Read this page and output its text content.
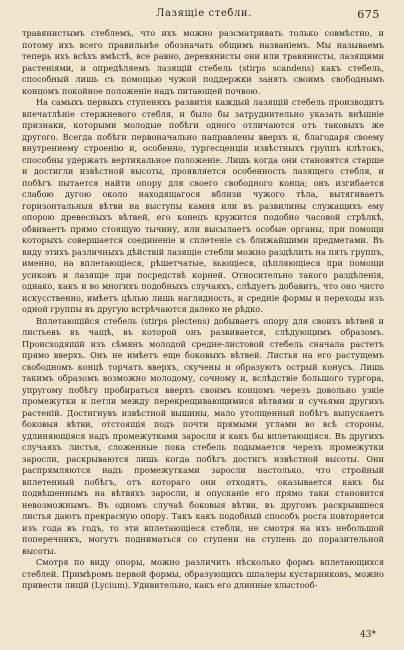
Лазящіе стебли.	675

травянистымъ стеблемъ, что ихъ можно разсматривать только совмѣстно, и потому ихъ всего правильнѣе обозначать общимъ названіемъ. Мы называемъ теперь ихъ всѣхъ вмѣстѣ, все равно, деревянисты они или травянисты, лазящими растеніями, и опредѣляемъ лазящій стебель (stirps scandens) какъ стебель, способный лишь съ помощью чужой поддержки занять своимъ свободнымъ концомъ покойное положеніе надъ питающей почвою.

На самыхъ первыхъ ступеняхъ развитія каждый лазящій стебель производитъ впечатлѣніе стержневого стебля, и было бы затруднительно указать внѣшніе признаки, которыми молодые побѣги одного отличаются отъ таковыхъ же другого. Всегда побѣги первоначально направлены вверхъ и, благодаря своему внутреннему строенію и, особенно, тургесценціи извѣстныхъ группъ клѣтокъ, способны удержать вертикальное положеніе. Лишь когда они становятся старше и достигли извѣстной высоты, проявляется особенность лазящего стебля, и побѣгъ пытается найти опору для своего свободного конца; онъ изгибается слабою дугою около находящагося вблизи чужого тѣла, вытягиваетъ горизонтальныя вѣтви на выступы камня или въ развилины служащихъ ему опорою древесныхъ вѣтвей, его конецъ кружится подобно часовой стрѣлкѣ, обвиваетъ прямо стоящую тычину, или высылаетъ особые органы, при помощи которыхъ совершается соединеніе и сплетеніе съ ближайшими предметами. Въ виду этихъ различныхъ дѣйствій лазящіе стебли можно раздѣлить на пять группъ, именно, на вплетающіеся, рѣшетчатые, вьющіеся, цѣпляющіеся при помощи усиковъ и лазящіе при посредствѣ корней. Относительно такого раздѣленія, однако, какъ и во многихъ подобныхъ случаяхъ, слѣдуетъ добавить, что оно чисто искусственно, имѣетъ цѣлью лишь наглядность, и средніе формы и переходы изъ одной группы въ другую встрѣчаются далеко не рѣдко.

Вплетающійся стебель (stirps plectens) добываетъ опору для своихъ вѣтвей и листьевъ въ чащѣ, въ которой онъ развивается, слѣдующимъ образомъ. Происходящій изъ сѣмянъ молодой средне-листовой стебель сначала растетъ прямо вверхъ. Онъ не имѣетъ еще боковыхъ вѣтвей. Листья на его растущемъ свободномъ концѣ торчатъ вверхъ, скучены и образуютъ острый конусъ. Лишь такимъ образомъ возможно молодому, сочному и, вслѣдствіе большого тургора, упругому побѣгу пробираться вверхъ своимъ концомъ черезъ довольно узкіе промежутки и петли между перекрещивающимися вѣтвями и сучьями другихъ растеній. Достигнувъ извѣстной вышины, мало утолщенный побѣгъ выпускаетъ боковыя вѣтви, отстоящія подъ почти прямыми углами во всѣ стороны, удлиняющіяся надъ промежутками заросли и какъ бы вплетающіяся. Въ другихъ случаяхъ листья, сложенные пока стебель подымается черезъ промежутки заросли, раскрываются лишь когда побѣгъ достигъ извѣстной высоты. Они распрямляются надъ промежутками заросли настолько, что стройный вплетенный побѣгъ, отъ котораго они отходятъ, оказывается какъ бы подвѣшеннымъ на вѣтвяхъ заросли, и опусканіе его прямо таки становится невозможнымъ. Въ одномъ случаѣ боковыя вѣтви, въ другомъ раскрывшіеся листья даютъ прекрасную опору. Такъ какъ подобный способъ роста повторяется изъ года въ годъ, то эти вплетающіеся стебли, не смотря на ихъ небольшой поперечникъ, могутъ подниматься со ступени на ступень до поразительной высоты.

Смотря по виду опоры, можно различить нѣсколько формъ вплетающихся стеблей. Примѣромъ первой формы, образующихъ шпалеры кустарниковъ, можно привести лицій (Lycium). Удивительно, какъ его длинные хлыстооб-

43*
